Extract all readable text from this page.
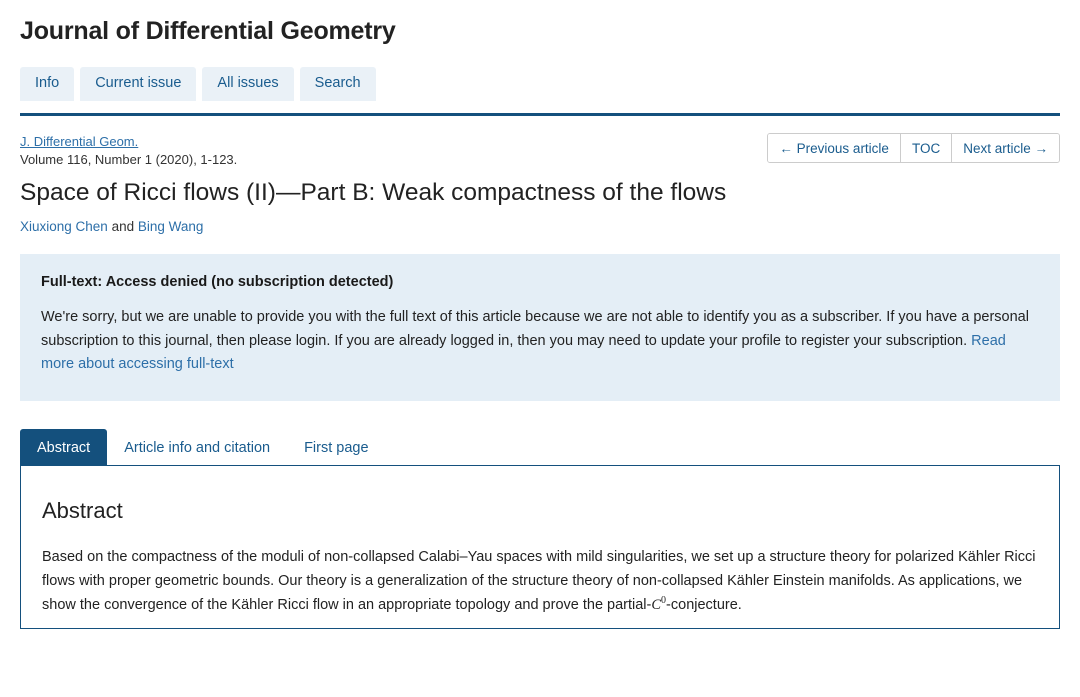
Journal of Differential Geometry
Info	Current issue	All issues	Search
J. Differential Geom.
Volume 116, Number 1 (2020), 1-123.
← Previous article	TOC	Next article →
Space of Ricci flows (II)—Part B: Weak compactness of the flows
Xiuxiong Chen and Bing Wang

Full-text: Access denied (no subscription detected)

We're sorry, but we are unable to provide you with the full text of this article because we are not able to identify you as a subscriber. If you have a personal subscription to this journal, then please login. If you are already logged in, then you may need to update your profile to register your subscription. Read more about accessing full-text

Abstract	Article info and citation	First page
Abstract

Based on the compactness of the moduli of non-collapsed Calabi–Yau spaces with mild singularities, we set up a structure theory for polarized Kähler Ricci flows with proper geometric bounds. Our theory is a generalization of the structure theory of non-collapsed Kähler Einstein manifolds. As applications, we show the convergence of the Kähler Ricci flow in an appropriate topology and prove the partial-$C^0$-conjecture.
